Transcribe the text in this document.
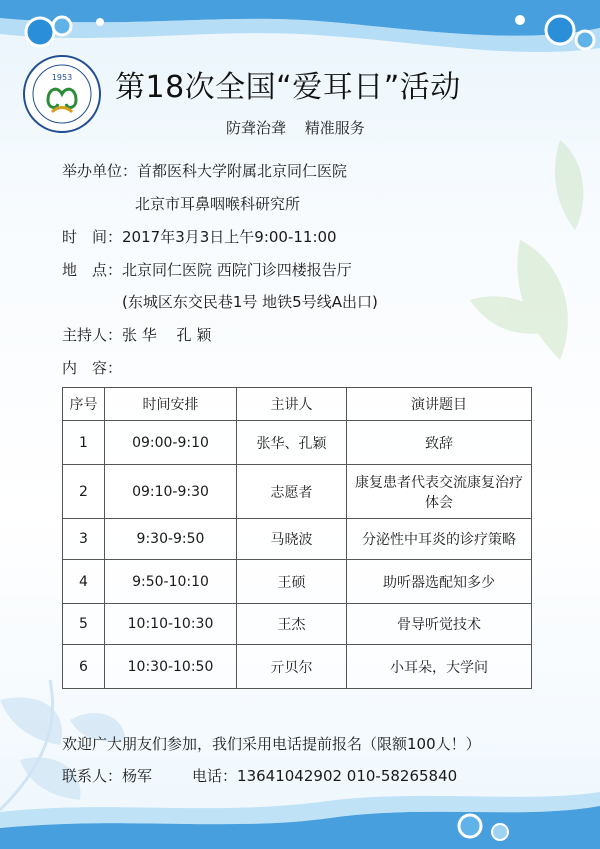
1953 第18次全国“爱耳日”活动
防聋治聋 精准服务
举办单位：首都医科大学附属北京同仁医院
北京市耳鼻咽喉科研究所
时　间：2017年3月3日上午9:00-11:00
地　点：北京同仁医院 西院门诊四楼报告厅
(东城区东交民巷1号 地铁5号线A出口)
主持人：张 华　 孔 颖
内　容：
序号	时间安排	主讲人	演讲题目
1	09:00-9:10	张华、孔颖	致辞
2	09:10-9:30	志愿者	康复患者代表交流康复治疗体会
3	9:30-9:50	马晓波	分泌性中耳炎的诊疗策略
4	9:50-10:10	王硕	助听器选配知多少
5	10:10-10:30	王杰	骨导听觉技术
6	10:30-10:50	亓贝尔	小耳朵，大学问
欢迎广大朋友们参加，我们采用电话提前报名（限额100人！）
联系人：杨军	电话：13641042902 010-58265840
